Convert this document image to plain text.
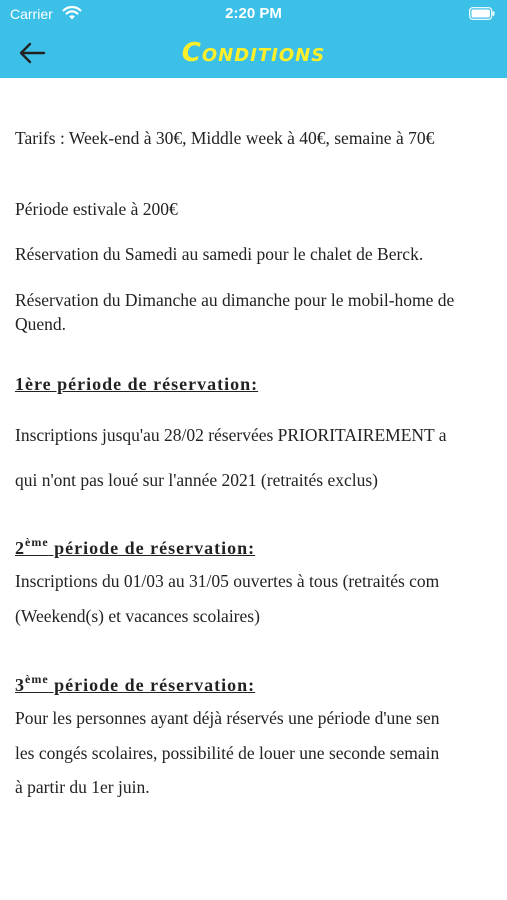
Carrier	2:20 PM
Conditions
Tarifs : Week-end à 30€, Middle week à 40€, semaine à 70€
Période estivale à 200€
Réservation du Samedi au samedi pour le chalet de Berck.
Réservation du Dimanche au dimanche pour le mobil-home de Quend.
1ère période de réservation:
Inscriptions jusqu'au 28/02 réservées PRIORITAIREMENT a
qui n'ont pas loué sur l'année 2021 (retraités exclus)
2ème période de réservation:
Inscriptions du 01/03 au 31/05 ouvertes à tous (retraités com
(Weekend(s) et vacances scolaires)
3ème période de réservation:
Pour les personnes ayant déjà réservés une période d'une sen
les congés scolaires, possibilité de louer une seconde semain
à partir du 1er juin.
